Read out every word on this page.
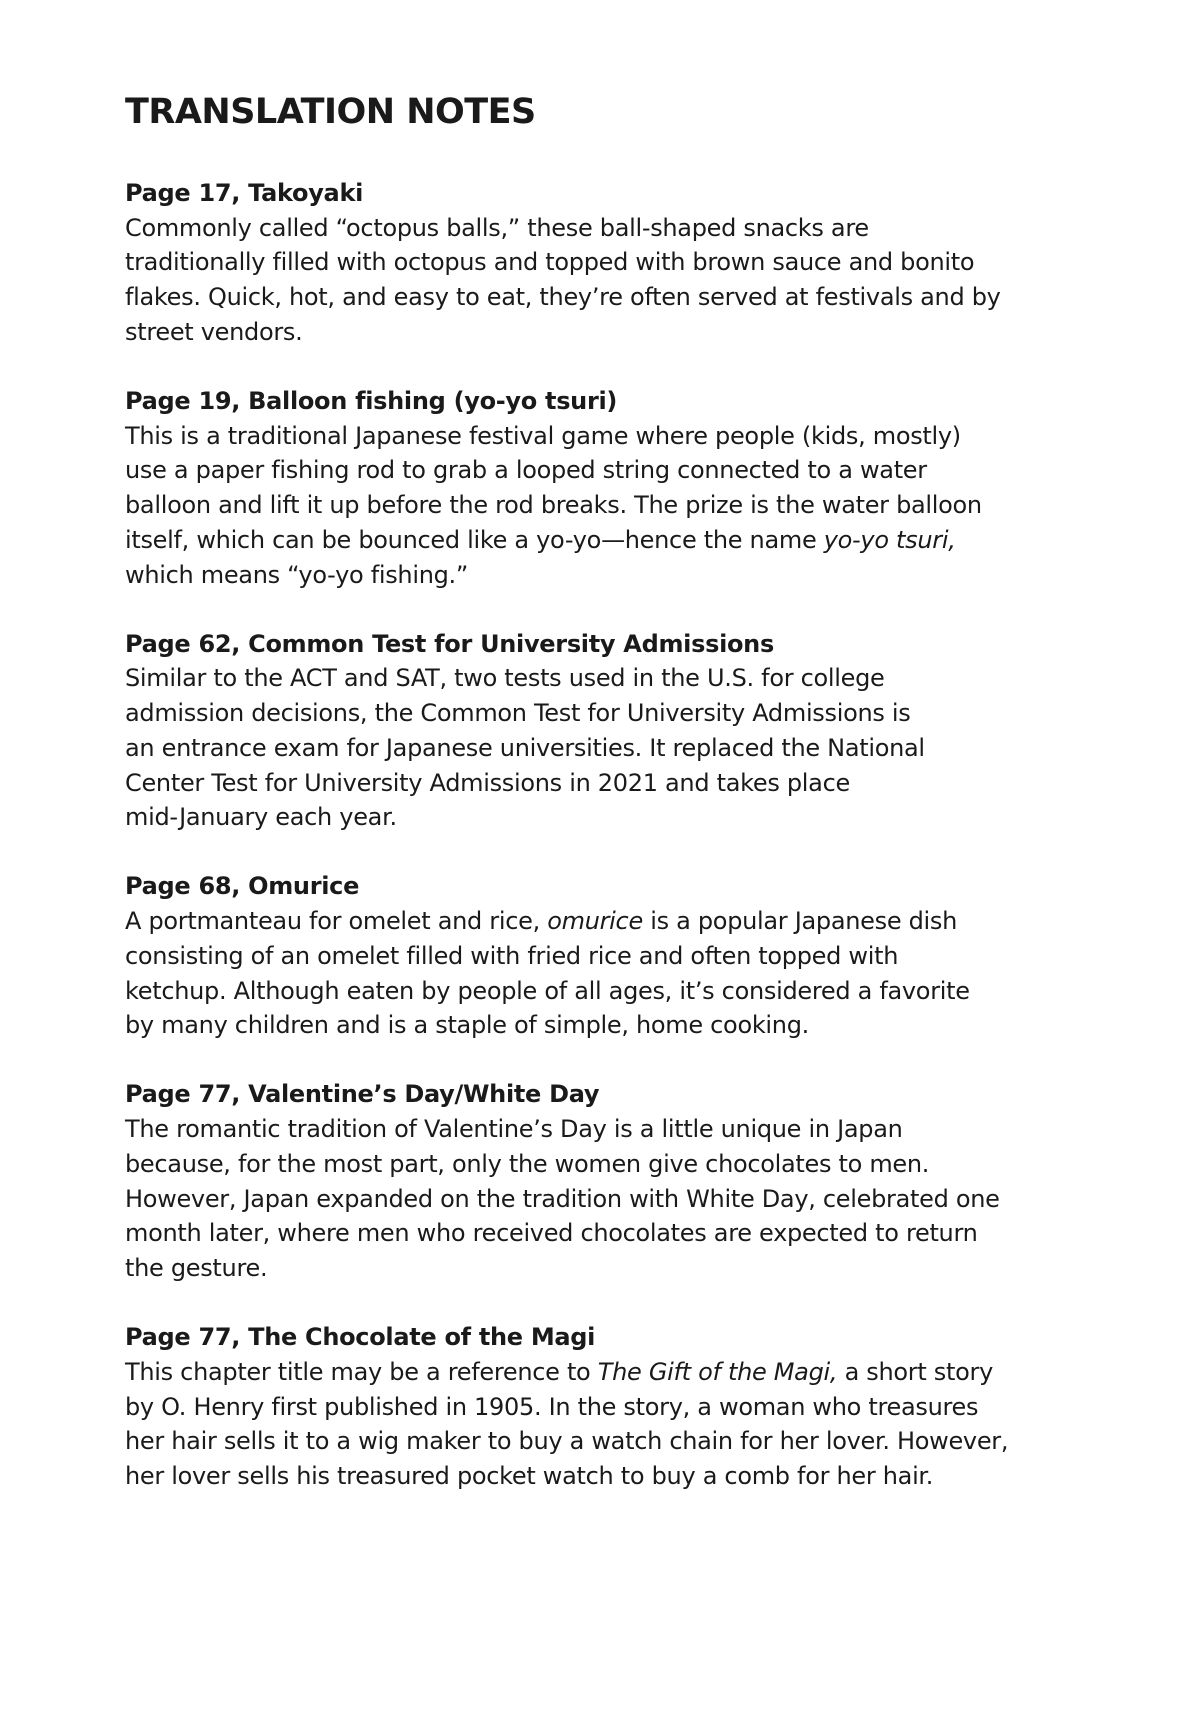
TRANSLATION NOTES
Page 17, Takoyaki

Commonly called “octopus balls,” these ball-shaped snacks are
traditionally filled with octopus and topped with brown sauce and bonito
flakes. Quick, hot, and easy to eat, they’re often served at festivals and by
street vendors.

Page 19, Balloon fishing (yo-yo tsuri)

This is a traditional Japanese festival game where people (kids, mostly)
use a paper fishing rod to grab a looped string connected to a water
balloon and lift it up before the rod breaks. The prize is the water balloon
itself, which can be bounced like a yo-yo—hence the name yo-yo tsuri,
which means “yo-yo fishing.”

Page 62, Common Test for University Admissions

Similar to the ACT and SAT, two tests used in the U.S. for college
admission decisions, the Common Test for University Admissions is
an entrance exam for Japanese universities. It replaced the National
Center Test for University Admissions in 2021 and takes place
mid-January each year.

Page 68, Omurice

A portmanteau for omelet and rice, omurice is a popular Japanese dish
consisting of an omelet filled with fried rice and often topped with
ketchup. Although eaten by people of all ages, it’s considered a favorite
by many children and is a staple of simple, home cooking.

Page 77, Valentine’s Day/White Day

The romantic tradition of Valentine’s Day is a little unique in Japan
because, for the most part, only the women give chocolates to men.
However, Japan expanded on the tradition with White Day, celebrated one
month later, where men who received chocolates are expected to return
the gesture.

Page 77, The Chocolate of the Magi

This chapter title may be a reference to The Gift of the Magi, a short story
by O. Henry first published in 1905. In the story, a woman who treasures
her hair sells it to a wig maker to buy a watch chain for her lover. However,
her lover sells his treasured pocket watch to buy a comb for her hair.
